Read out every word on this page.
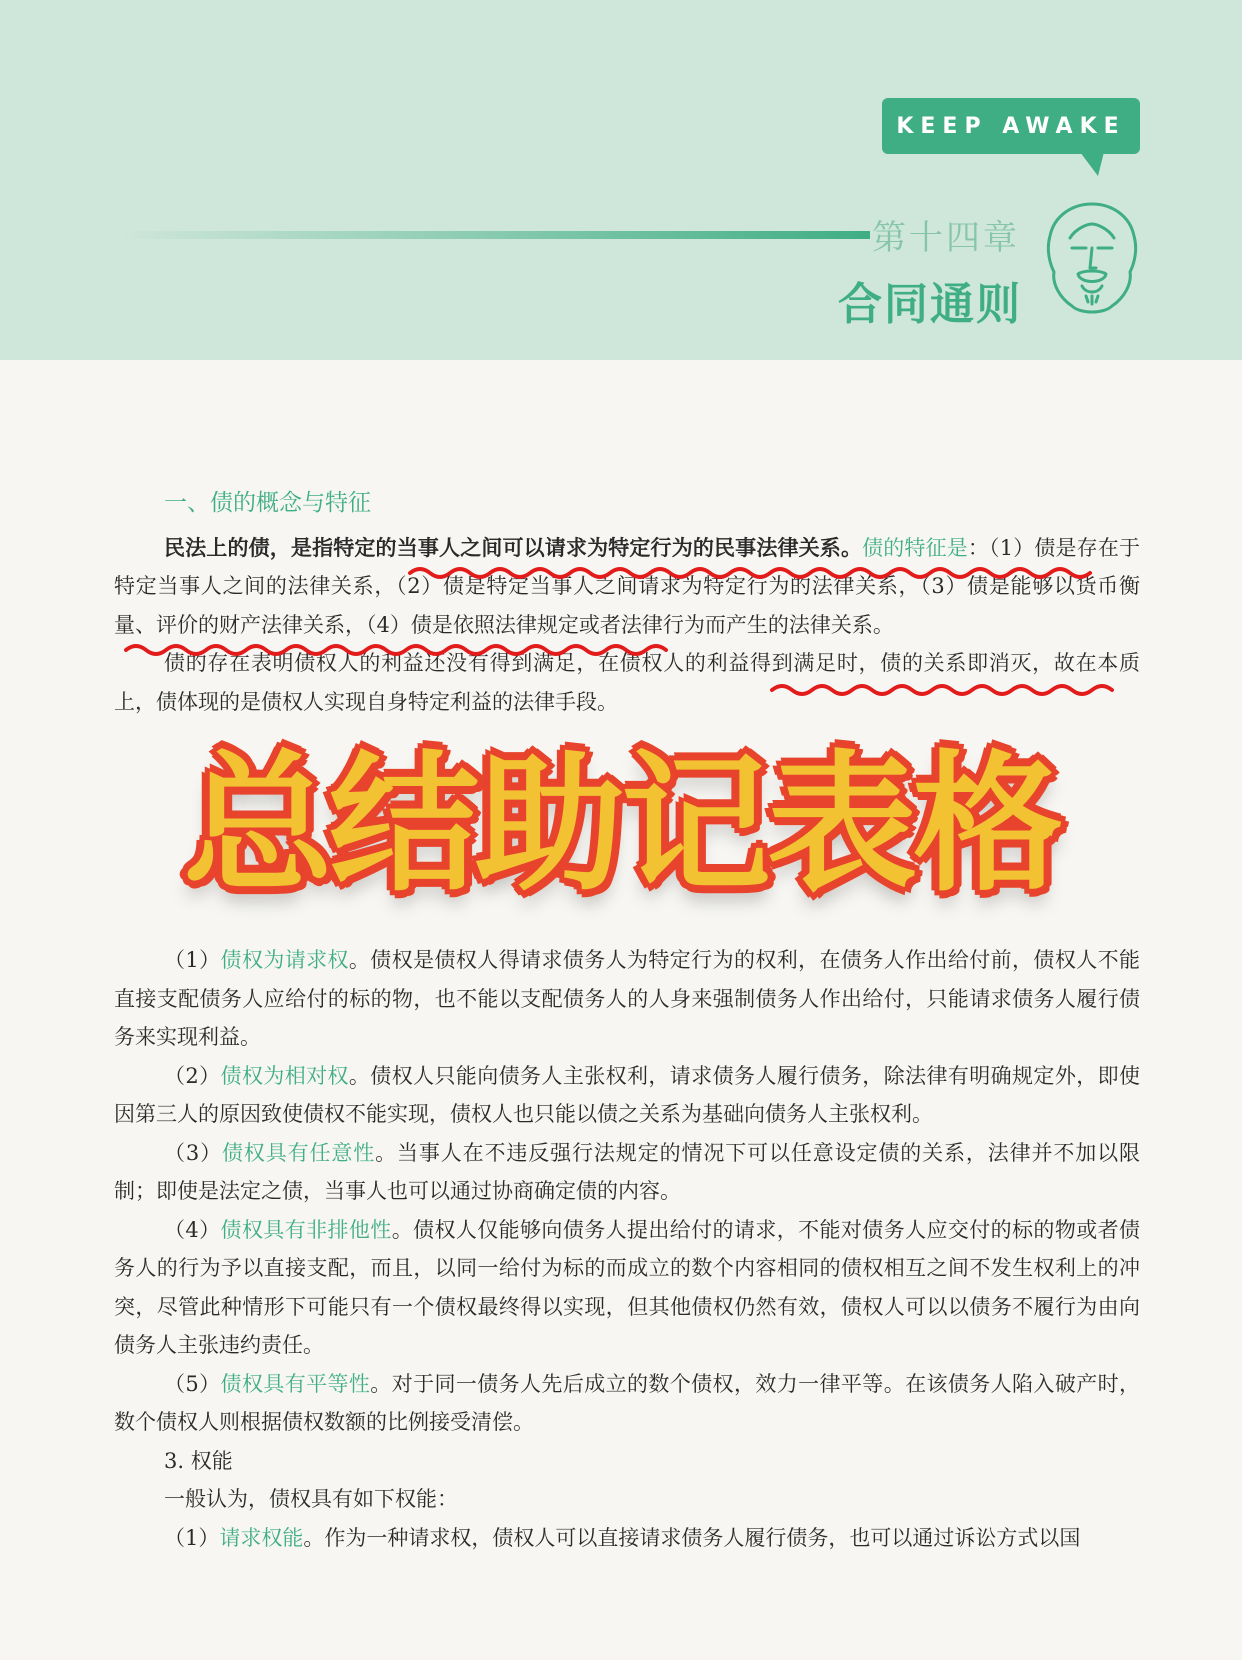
KEEP AWAKE
第十四章
合同通则

一、债的概念与特征

民法上的债，是指特定的当事人之间可以请求为特定行为的民事法律关系。债的特征是：（1）债是存在于特定当事人之间的法律关系，（2）债是特定当事人之间请求为特定行为的法律关系，（3）债是能够以货币衡量、评价的财产法律关系，（4）债是依照法律规定或者法律行为而产生的法律关系。

债的存在表明债权人的利益还没有得到满足，在债权人的利益得到满足时，债的关系即消灭，故在本质上，债体现的是债权人实现自身特定利益的法律手段。

（1）债权为请求权。债权是债权人得请求债务人为特定行为的权利，在债务人作出给付前，债权人不能直接支配债务人应给付的标的物，也不能以支配债务人的人身来强制债务人作出给付，只能请求债务人履行债务来实现利益。

（2）债权为相对权。债权人只能向债务人主张权利，请求债务人履行债务，除法律有明确规定外，即使因第三人的原因致使债权不能实现，债权人也只能以债之关系为基础向债务人主张权利。

（3）债权具有任意性。当事人在不违反强行法规定的情况下可以任意设定债的关系，法律并不加以限制；即使是法定之债，当事人也可以通过协商确定债的内容。

（4）债权具有非排他性。债权人仅能够向债务人提出给付的请求，不能对债务人应交付的标的物或者债务人的行为予以直接支配，而且，以同一给付为标的而成立的数个内容相同的债权相互之间不发生权利上的冲突，尽管此种情形下可能只有一个债权最终得以实现，但其他债权仍然有效，债权人可以以债务不履行为由向债务人主张违约责任。

（5）债权具有平等性。对于同一债务人先后成立的数个债权，效力一律平等。在该债务人陷入破产时，数个债权人则根据债权数额的比例接受清偿。

3. 权能

一般认为，债权具有如下权能：

（1）请求权能。作为一种请求权，债权人可以直接请求债务人履行债务，也可以通过诉讼方式以国

总结助记表格
